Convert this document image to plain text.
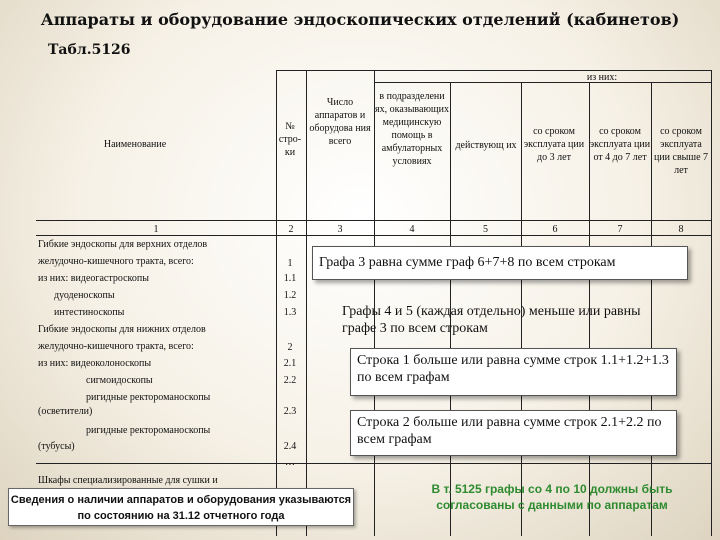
Аппараты и оборудование эндоскопических отделений (кабинетов)
Табл.5126
из них:
Наименование
№ стро-ки
Число аппаратов и оборудова ния всего
в подразделени ях, оказывающих медицинскую помощь в амбулаторных условиях
действующ их
со сроком эксплуата ции до 3 лет
со сроком эксплуата ции от 4 до 7 лет
со сроком эксплуата ции свыше 7 лет
1	2	3	4	5	6	7	8
Гибкие эндоскопы для верхних отделов
желудочно-кишечного тракта, всего:	1
из них: видеогастроскопы	1.1
дуоденоскопы	1.2
интестиноскопы	1.3
Гибкие эндоскопы для нижних отделов
желудочно-кишечного тракта, всего:	2
из них: видеоколоноскопы	2.1
сигмоидоскопы	2.2
ригидные ректороманоскопы
(осветители)	2.3
ригидные ректороманоскопы
(тубусы)	2.4
…
Шкафы специализированные для сушки и
Графа 3 равна сумме граф 6+7+8 по всем строкам
Графы 4 и 5 (каждая отдельно) меньше или равны графе 3 по всем строкам
Строка 1 больше или равна сумме строк 1.1+1.2+1.3 по всем графам
Строка 2 больше или равна сумме строк 2.1+2.2 по всем графам
В т. 5125 графы со 4 по 10 должны быть согласованы с данными по аппаратам
Сведения о наличии аппаратов и оборудования указываются по состоянию на 31.12 отчетного года
